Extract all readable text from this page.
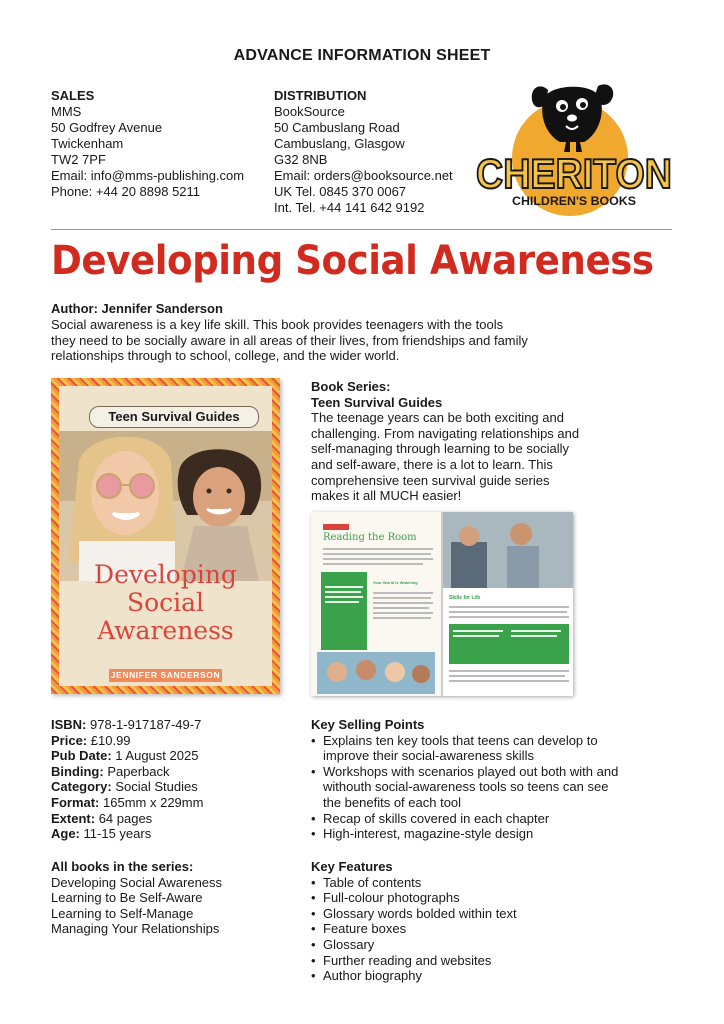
ADVANCE INFORMATION SHEET
SALES
MMS
50 Godfrey Avenue
Twickenham
TW2 7PF
Email: info@mms-publishing.com
Phone: +44 20 8898 5211
DISTRIBUTION
BookSource
50 Cambuslang Road
Cambuslang, Glasgow
G32 8NB
Email: orders@booksource.net
UK Tel. 0845 370 0067
Int. Tel. +44 141 642 9192
CHERITON
CHILDREN'S BOOKS
Developing Social Awareness
Author: Jennifer Sanderson
Social awareness is a key life skill. This book provides teenagers with the tools they need to be socially aware in all areas of their lives, from friendships and family relationships through to school, college, and the wider world.
Teen Survival Guides
Developing
Social Awareness
JENNIFER SANDERSON
Book Series:
Teen Survival Guides
The teenage years can be both exciting and challenging. From navigating relationships and self-managing through learning to be socially and self-aware, there is a lot to learn. This comprehensive teen survival guide series makes it all MUCH easier!
Reading the Room
Your World Is Widening
Skills for Life
ISBN: 978-1-917187-49-7
Price: £10.99
Pub Date: 1 August 2025
Binding: Paperback
Category: Social Studies
Format: 165mm x 229mm
Extent: 64 pages
Age: 11-15 years
All books in the series:
Developing Social Awareness
Learning to Be Self-Aware
Learning to Self-Manage
Managing Your Relationships
Key Selling Points
• Explains ten key tools that teens can develop to improve their social-awareness skills
• Workshops with scenarios played out both with and withouth social-awareness tools so teens can see the benefits of each tool
• Recap of skills covered in each chapter
• High-interest, magazine-style design
Key Features
• Table of contents
• Full-colour photographs
• Glossary words bolded within text
• Feature boxes
• Glossary
• Further reading and websites
• Author biography
